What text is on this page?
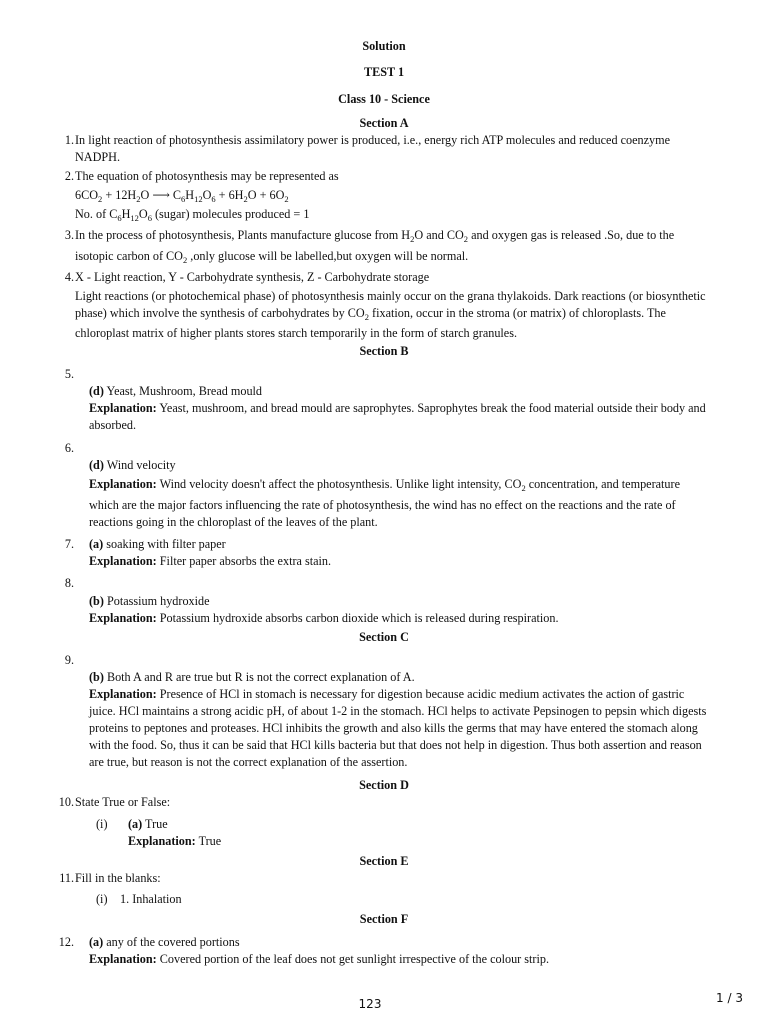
Solution
TEST 1
Class 10 - Science
Section A
1. In light reaction of photosynthesis assimilatory power is produced, i.e., energy rich ATP molecules and reduced coenzyme
NADPH.
2. The equation of photosynthesis may be represented as
$6CO_2 + 12H_2O$ ⟶ $C_6H_{12}O_6 + 6H_2O + 6O_2$
No. of $C_6H_{12}O_6$ (sugar) molecules produced = 1
3. In the process of photosynthesis, Plants manufacture glucose from $H_2O$ and $CO_2$ and oxygen gas is released .So, due to the
isotopic carbon of $CO_2$ ,only glucose will be labelled,but oxygen will be normal.
4. X - Light reaction, Y - Carbohydrate synthesis, Z - Carbohydrate storage
Light reactions (or photochemical phase) of photosynthesis mainly occur on the grana thylakoids. Dark reactions (or biosynthetic
phase) which involve the synthesis of carbohydrates by $CO_2$ fixation, occur in the stroma (or matrix) of chloroplasts. The
chloroplast matrix of higher plants stores starch temporarily in the form of starch granules.
Section B
5.
(d) Yeast, Mushroom, Bread mould
Explanation: Yeast, mushroom, and bread mould are saprophytes. Saprophytes break the food material outside their body and
absorbed.
6.
(d) Wind velocity
Explanation: Wind velocity doesn't affect the photosynthesis. Unlike light intensity, $CO_2$ concentration, and temperature
which are the major factors influencing the rate of photosynthesis, the wind has no effect on the reactions and the rate of
reactions going in the chloroplast of the leaves of the plant.
7. (a) soaking with filter paper
Explanation: Filter paper absorbs the extra stain.
8.
(b) Potassium hydroxide
Explanation: Potassium hydroxide absorbs carbon dioxide which is released during respiration.
Section C
9.
(b) Both A and R are true but R is not the correct explanation of A.
Explanation: Presence of HCl in stomach is necessary for digestion because acidic medium activates the action of gastric
juice. HCl maintains a strong acidic pH, of about 1-2 in the stomach. HCl helps to activate Pepsinogen to pepsin which digests
proteins to peptones and proteases. HCl inhibits the growth and also kills the germs that may have entered the stomach along
with the food. So, thus it can be said that HCl kills bacteria but that does not help in digestion. Thus both assertion and reason
are true, but reason is not the correct explanation of the assertion.
Section D
10. State True or False:
(i) (a) True
Explanation: True
Section E
11. Fill in the blanks:
(i) 1. Inhalation
Section F
12. (a) any of the covered portions
Explanation: Covered portion of the leaf does not get sunlight irrespective of the colour strip.
123	1 / 3
